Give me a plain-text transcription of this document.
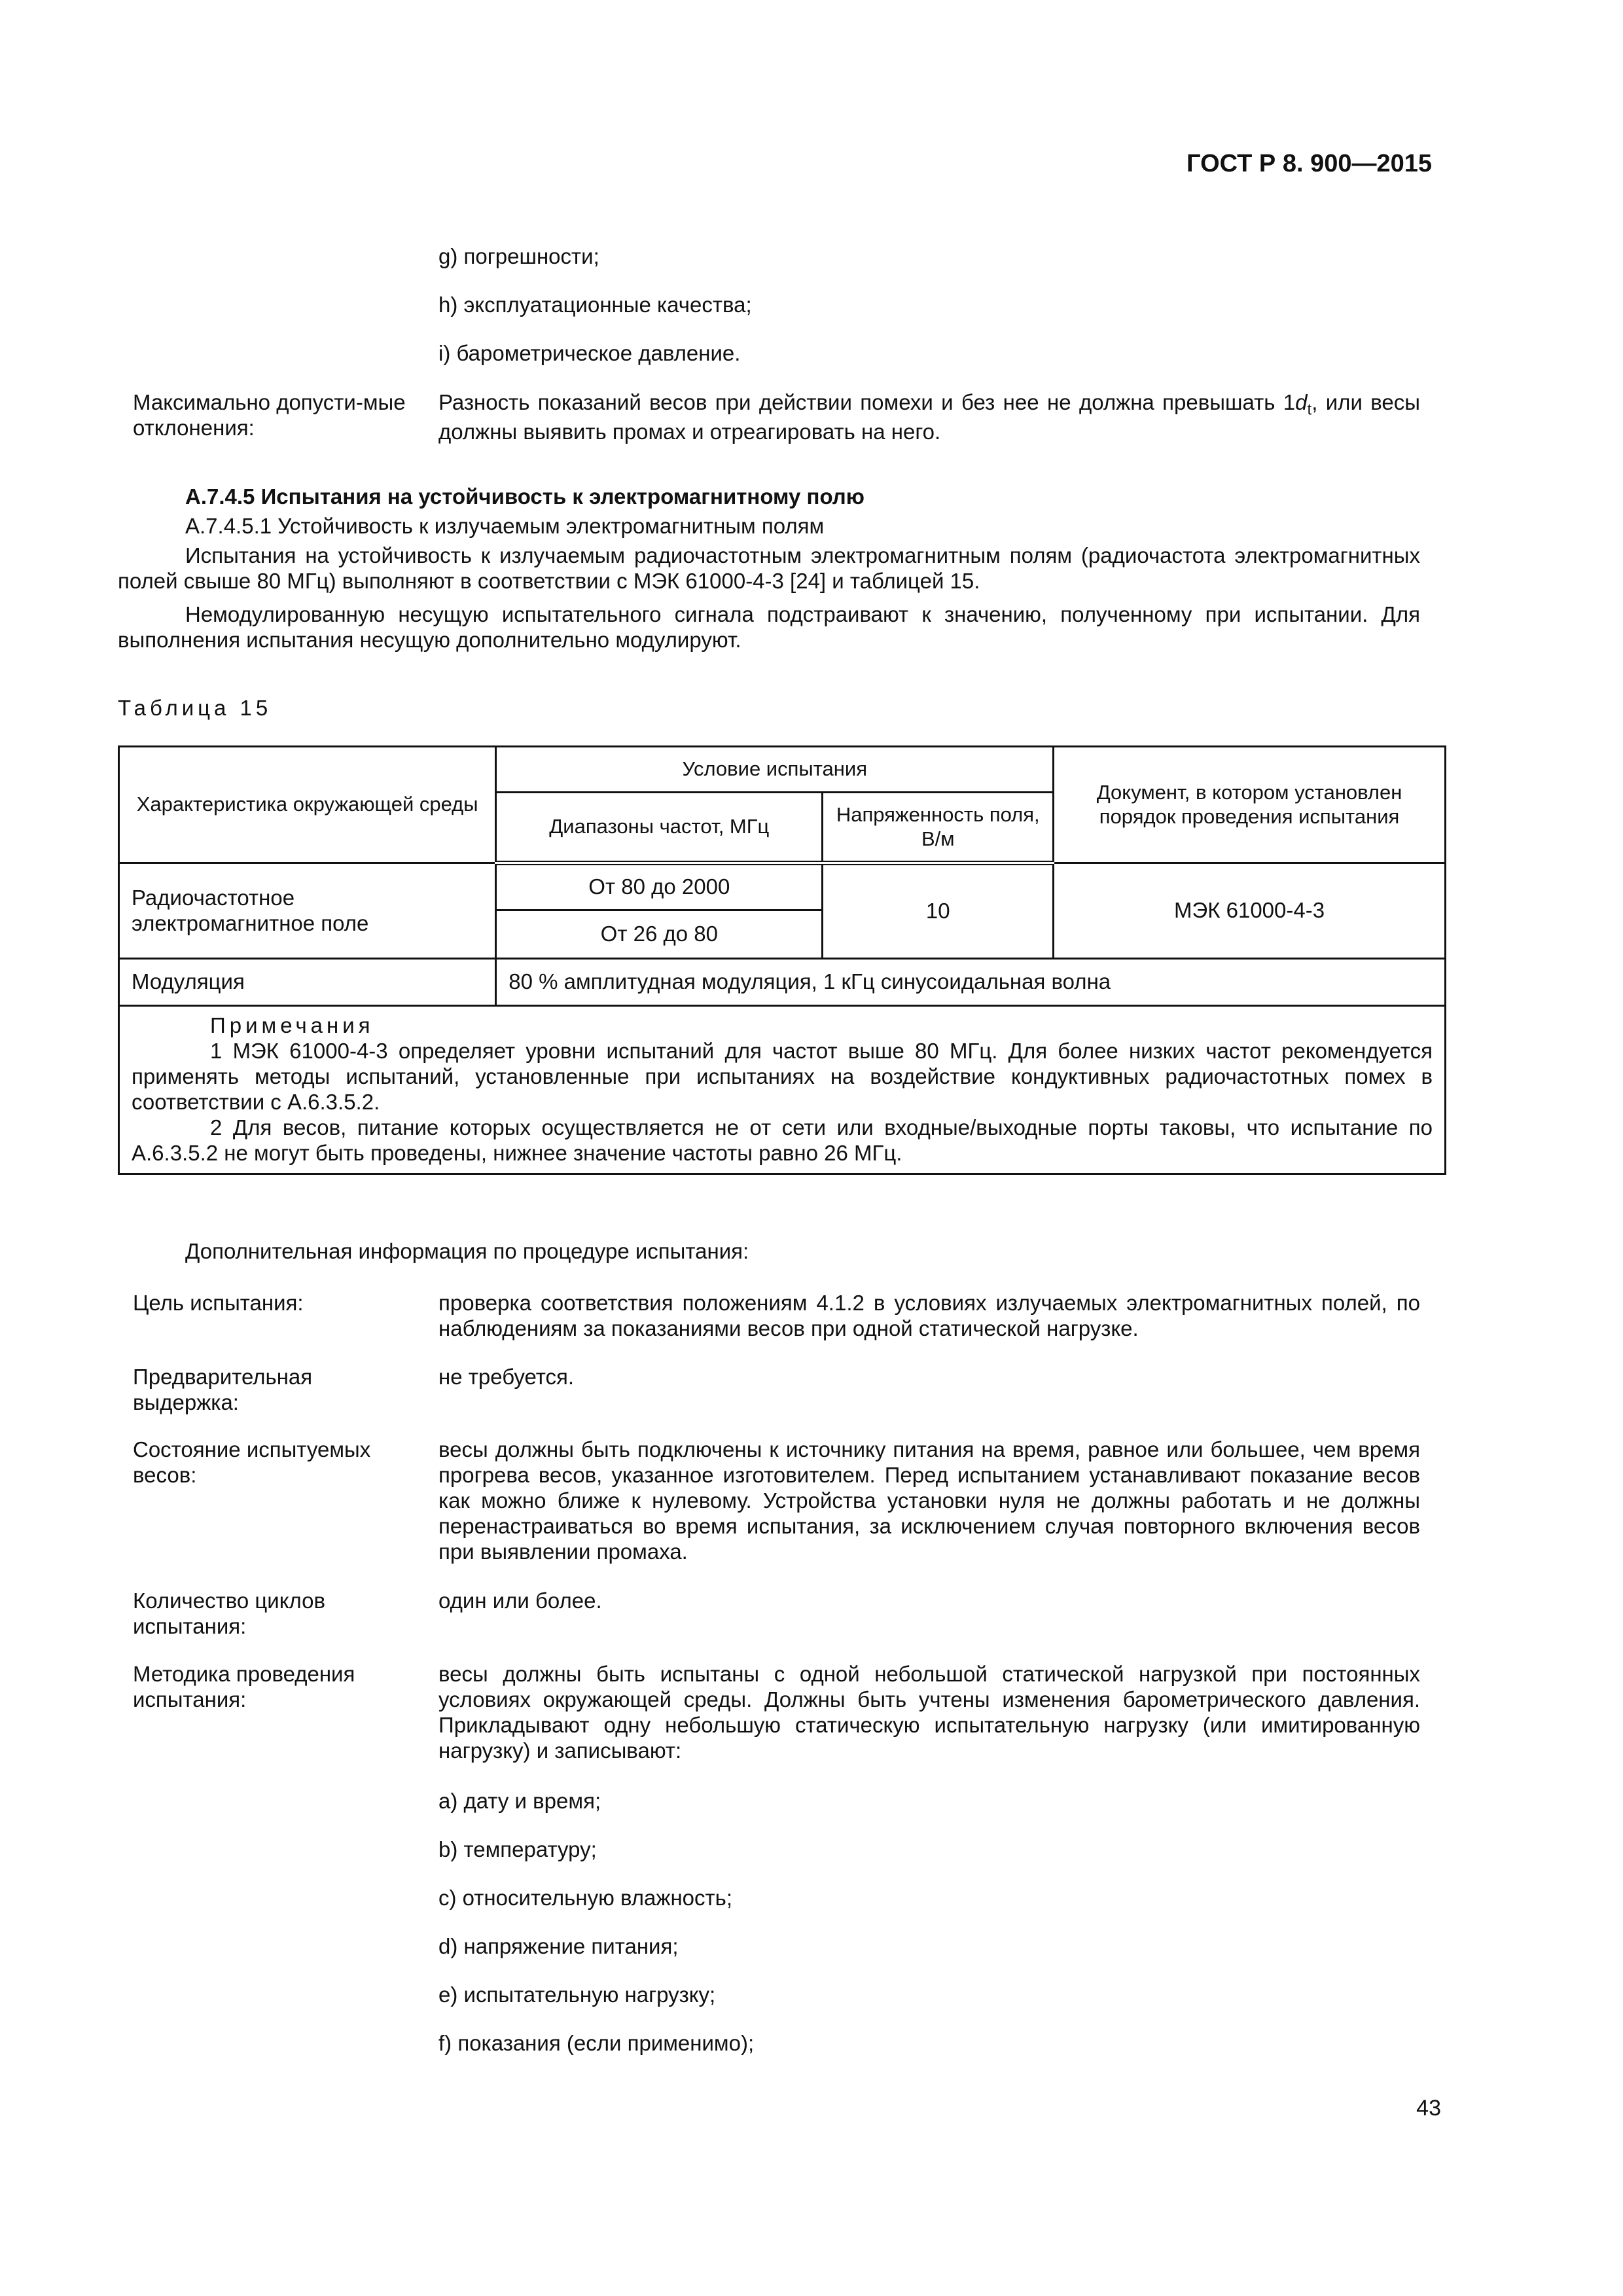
ГОСТ Р 8. 900—2015
g) погрешности;
h) эксплуатационные качества;
i) барометрическое давление.
Максимально допусти-мые отклонения:
Разность показаний весов при действии помехи и без нее не должна превышать $1d_t$, или весы должны выявить промах и отреагировать на него.
А.7.4.5 Испытания на устойчивость к электромагнитному полю
А.7.4.5.1 Устойчивость к излучаемым электромагнитным полям
Испытания на устойчивость к излучаемым радиочастотным электромагнитным полям (радиочастота электромагнитных полей свыше 80 МГц) выполняют в соответствии с МЭК 61000-4-3 [24] и таблицей 15.
Немодулированную несущую испытательного сигнала подстраивают к значению, полученному при испытании. Для выполнения испытания несущую дополнительно модулируют.
Таблица 15
Характеристика окружающей среды	Условие испытания		Документ, в котором установлен порядок проведения испытания
	Диапазоны частот, МГц	Напряженность поля, В/м	
Радиочастотное электромагнитное поле	От 80 до 2000	10	МЭК 61000-4-3
	От 26 до 80		
Модуляция	80 % амплитудная модуляция, 1 кГц синусоидальная волна		

Примечания
1 МЭК 61000-4-3 определяет уровни испытаний для частот выше 80 МГц. Для более низких частот рекомендуется применять методы испытаний, установленные при испытаниях на воздействие кондуктивных радиочастотных помех в соответствии с А.6.3.5.2.
2 Для весов, питание которых осуществляется не от сети или входные/выходные порты таковы, что испытание по А.6.3.5.2 не могут быть проведены, нижнее значение частоты равно 26 МГц.			
Дополнительная информация по процедуре испытания:
Цель испытания:	проверка соответствия положениям 4.1.2 в условиях излучаемых электромагнитных полей, по наблюдениям за показаниями весов при одной статической нагрузке.
Предварительная выдержка:
не требуется.
Состояние испытуемых весов:
весы должны быть подключены к источнику питания на время, равное или большее, чем время прогрева весов, указанное изготовителем. Перед испытанием устанавливают показание весов как можно ближе к нулевому. Устройства установки нуля не должны работать и не должны перенастраиваться во время испытания, за исключением случая повторного включения весов при выявлении промаха.
Количество циклов испытания:
один или более.
Методика проведения испытания:
весы должны быть испытаны с одной небольшой статической нагрузкой при постоянных условиях окружающей среды. Должны быть учтены изменения барометрического давления. Прикладывают одну небольшую статическую испытательную нагрузку (или имитированную нагрузку) и записывают:
a) дату и время;
b) температуру;
c) относительную влажность;
d) напряжение питания;
e) испытательную нагрузку;
f) показания (если применимо);
43
